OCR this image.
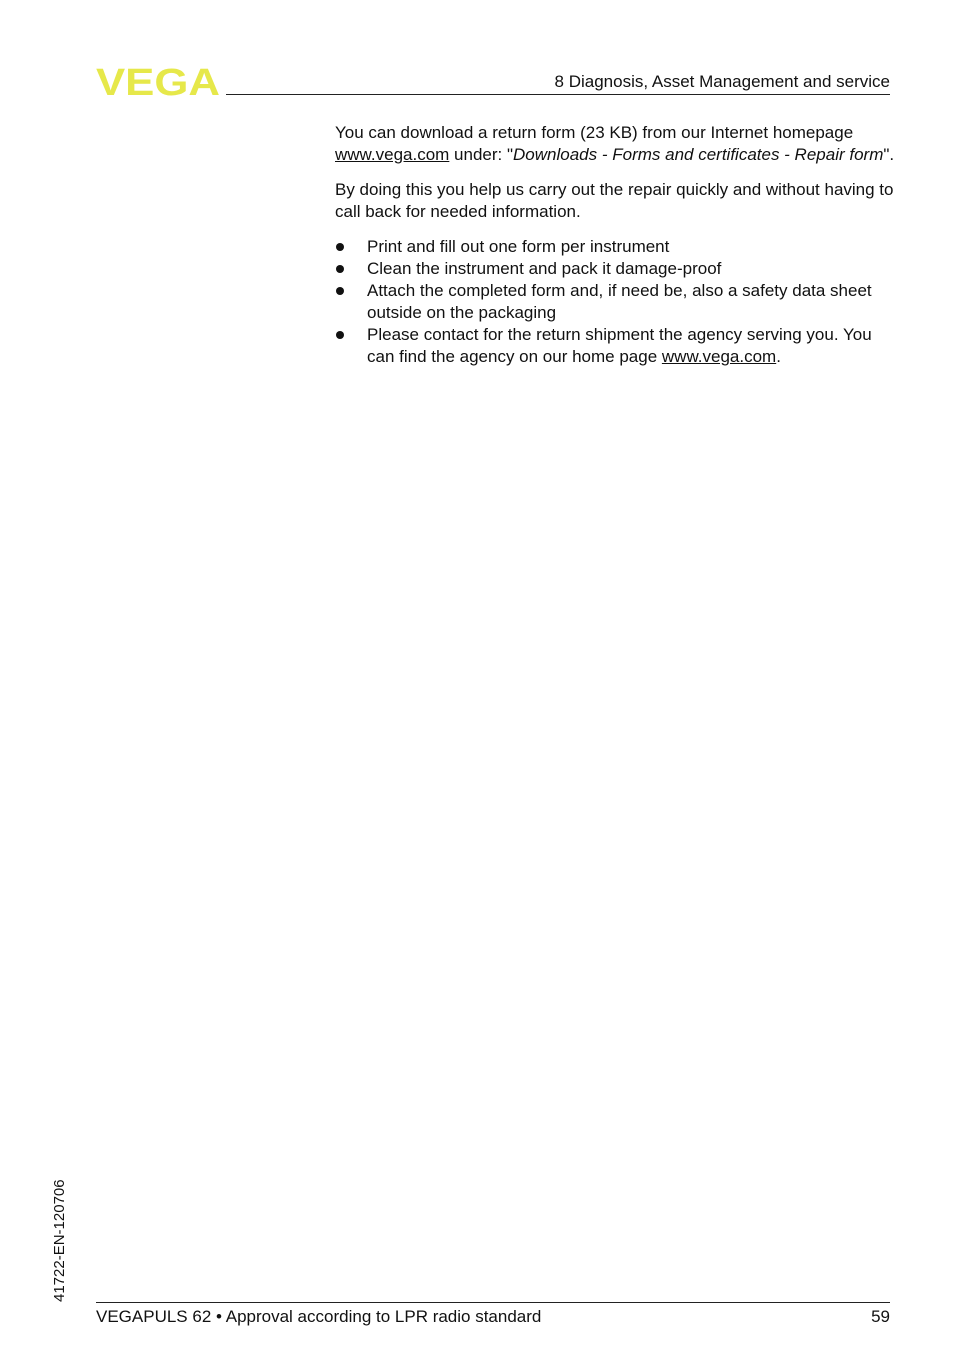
VEGA	8 Diagnosis, Asset Management and service

You can download a return form (23 KB) from our Internet homepage www.vega.com under: "Downloads - Forms and certificates - Repair form".

By doing this you help us carry out the repair quickly and without having to call back for needed information.

Print and fill out one form per instrument
Clean the instrument and pack it damage-proof
Attach the completed form and, if need be, also a safety data sheet outside on the packaging
Please contact for the return shipment the agency serving you. You can find the agency on our home page www.vega.com.
41722-EN-120706
VEGAPULS 62 • Approval according to LPR radio standard	59
